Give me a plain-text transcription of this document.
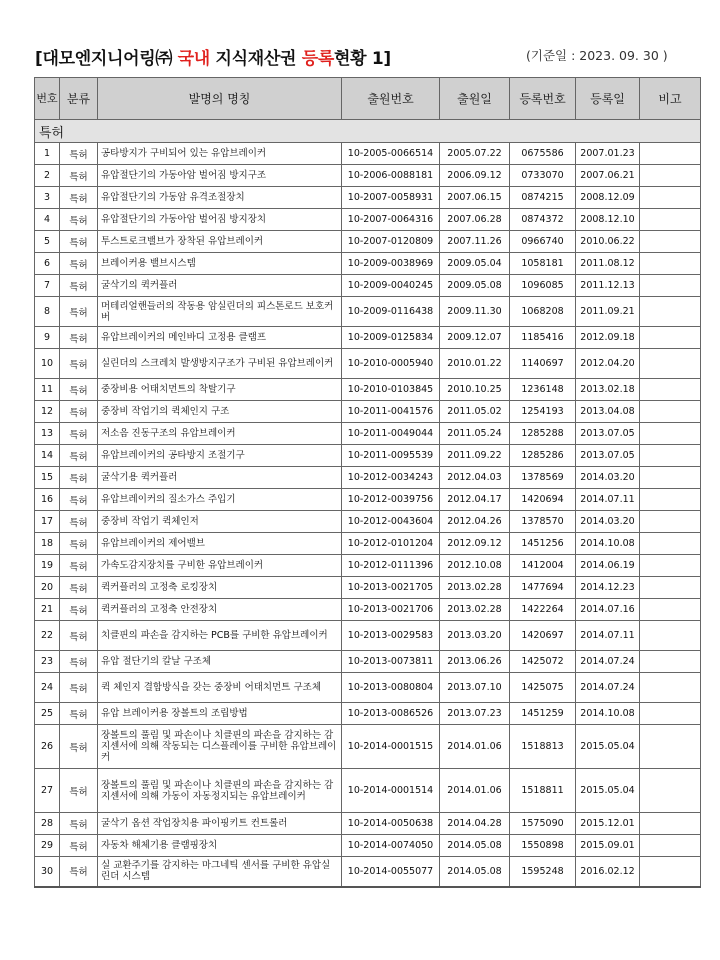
[대모엔지니어링㈜ 국내 지식재산권 등록현황 1]	(기준일 : 2023. 09. 30 )
번호	분류	발명의 명칭	출원번호	출원일	등록번호	등록일	비고
특허							
1	특허	공타방지가 구비되어 있는 유압브레이커	10-2005-0066514	2005.07.22	0675586	2007.01.23	
2	특허	유압절단기의 가동아암 벌어짐 방지구조	10-2006-0088181	2006.09.12	0733070	2007.06.21	
3	특허	유압절단기의 가동암 유격조절장치	10-2007-0058931	2007.06.15	0874215	2008.12.09	
4	특허	유압절단기의 가동아암 벌어짐 방지장치	10-2007-0064316	2007.06.28	0874372	2008.12.10	
5	특허	투스트로크밸브가 장착된 유압브레이커	10-2007-0120809	2007.11.26	0966740	2010.06.22	
6	특허	브레이커용 밸브시스템	10-2009-0038969	2009.05.04	1058181	2011.08.12	
7	특허	굴삭기의 퀵커플러	10-2009-0040245	2009.05.08	1096085	2011.12.13	
8	특허	머테리얼핸들러의 작동용 암실린더의 피스톤로드 보호커버	10-2009-0116438	2009.11.30	1068208	2011.09.21	
9	특허	유압브레이커의 메인바디 고정용 클램프	10-2009-0125834	2009.12.07	1185416	2012.09.18	
10	특허	실린더의 스크레치 발생방지구조가 구비된 유압브레이커	10-2010-0005940	2010.01.22	1140697	2012.04.20	
11	특허	중장비용 어태치먼트의 착탈기구	10-2010-0103845	2010.10.25	1236148	2013.02.18	
12	특허	중장비 작업기의 퀵체인지 구조	10-2011-0041576	2011.05.02	1254193	2013.04.08	
13	특허	저소음 진동구조의 유압브레이커	10-2011-0049044	2011.05.24	1285288	2013.07.05	
14	특허	유압브레이커의 공타방지 조절기구	10-2011-0095539	2011.09.22	1285286	2013.07.05	
15	특허	굴삭기용 퀵커플러	10-2012-0034243	2012.04.03	1378569	2014.03.20	
16	특허	유압브레이커의 질소가스 주입기	10-2012-0039756	2012.04.17	1420694	2014.07.11	
17	특허	중장비 작업기 퀵체인저	10-2012-0043604	2012.04.26	1378570	2014.03.20	
18	특허	유압브레이커의 제어밸브	10-2012-0101204	2012.09.12	1451256	2014.10.08	
19	특허	가속도감지장치를 구비한 유압브레이커	10-2012-0111396	2012.10.08	1412004	2014.06.19	
20	특허	퀵커플러의 고정축 로킹장치	10-2013-0021705	2013.02.28	1477694	2014.12.23	
21	특허	퀵커플러의 고정축 안전장치	10-2013-0021706	2013.02.28	1422264	2014.07.16	
22	특허	치클핀의 파손을 감지하는 PCB를 구비한 유압브레이커	10-2013-0029583	2013.03.20	1420697	2014.07.11	
23	특허	유압 절단기의 칼날 구조체	10-2013-0073811	2013.06.26	1425072	2014.07.24	
24	특허	퀵 체인지 결합방식을 갖는 중장비 어태치먼트 구조체	10-2013-0080804	2013.07.10	1425075	2014.07.24	
25	특허	유압 브레이커용 장볼트의 조립방법	10-2013-0086526	2013.07.23	1451259	2014.10.08	
26	특허	장볼트의 풀림 및 파손이나 치클핀의 파손을 감지하는 감지센서에 의해 작동되는 디스플레이를 구비한 유압브레이커	10-2014-0001515	2014.01.06	1518813	2015.05.04	
27	특허	장볼트의 풀림 및 파손이나 치클핀의 파손을 감지하는 감지센서에 의해 가동이 자동정지되는 유압브레이커	10-2014-0001514	2014.01.06	1518811	2015.05.04	
28	특허	굴삭기 옵션 작업장치용 파이핑키트 컨트롤러	10-2014-0050638	2014.04.28	1575090	2015.12.01	
29	특허	자동차 해체기용 클램핑장치	10-2014-0074050	2014.05.08	1550898	2015.09.01	
30	특허	실 교환주기를 감지하는 마그네틱 센서를 구비한 유압실린더 시스템	10-2014-0055077	2014.05.08	1595248	2016.02.12	
